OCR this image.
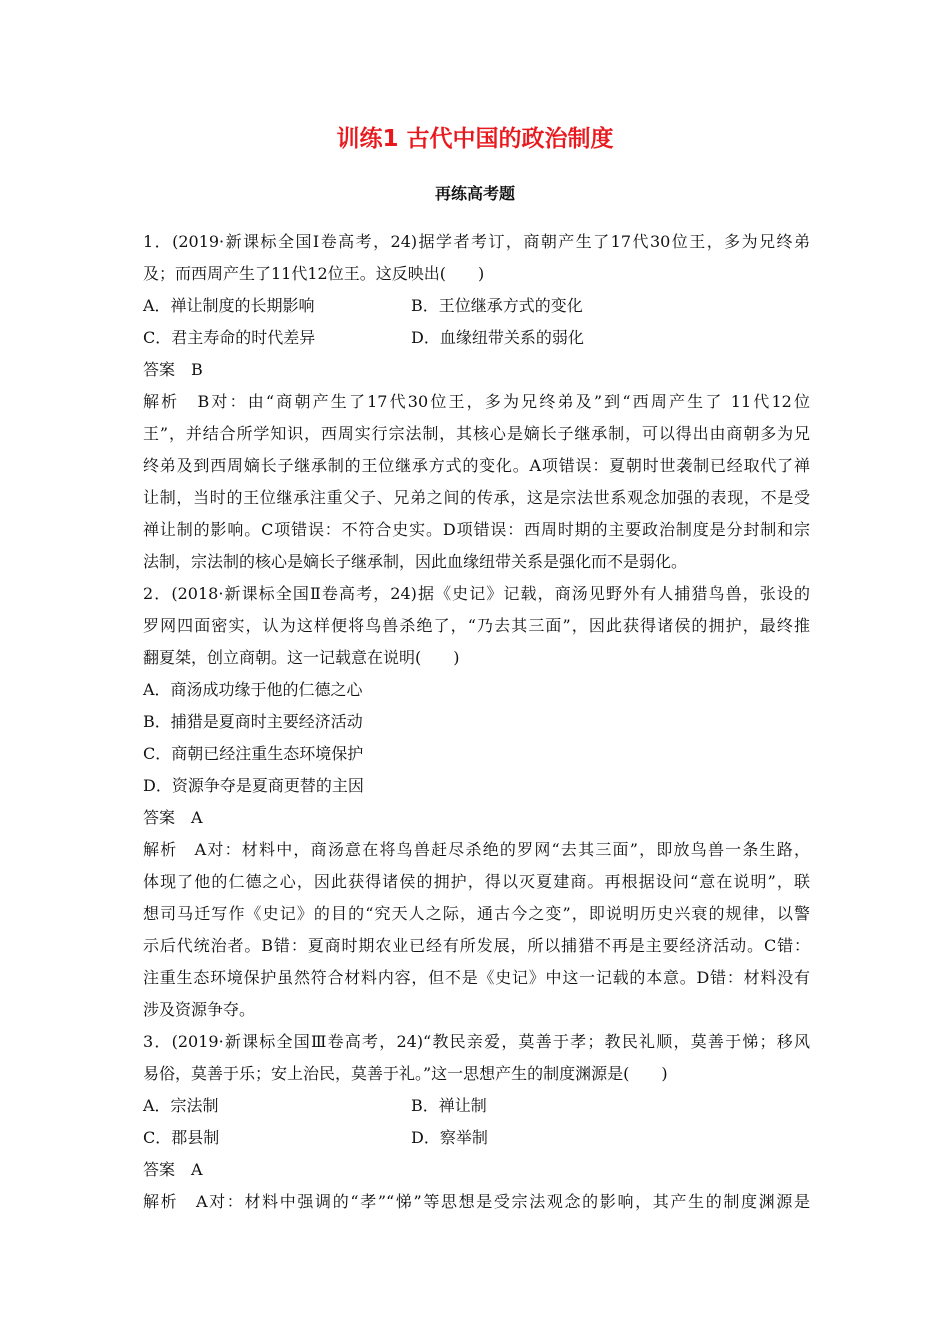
训练1 古代中国的政治制度
再练高考题
1．(2019·新课标全国Ⅰ卷高考，24)据学者考订，商朝产生了17代30位王，多为兄终弟
及；而西周产生了11代12位王。这反映出(　　)
A．禅让制度的长期影响	B．王位继承方式的变化
C．君主寿命的时代差异	D．血缘纽带关系的弱化
答案　B
解析　B对：由“商朝产生了17代30位王，多为兄终弟及”到“西周产生了 11代12位
王”，并结合所学知识，西周实行宗法制，其核心是嫡长子继承制，可以得出由商朝多为兄
终弟及到西周嫡长子继承制的王位继承方式的变化。A项错误：夏朝时世袭制已经取代了禅
让制，当时的王位继承注重父子、兄弟之间的传承，这是宗法世系观念加强的表现，不是受
禅让制的影响。C项错误：不符合史实。D项错误：西周时期的主要政治制度是分封制和宗
法制，宗法制的核心是嫡长子继承制，因此血缘纽带关系是强化而不是弱化。
2．(2018·新课标全国Ⅱ卷高考，24)据《史记》记载，商汤见野外有人捕猎鸟兽，张设的
罗网四面密实，认为这样便将鸟兽杀绝了，“乃去其三面”，因此获得诸侯的拥护，最终推
翻夏桀，创立商朝。这一记载意在说明(　　)
A．商汤成功缘于他的仁德之心
B．捕猎是夏商时主要经济活动
C．商朝已经注重生态环境保护
D．资源争夺是夏商更替的主因
答案　A
解析　A对：材料中，商汤意在将鸟兽赶尽杀绝的罗网“去其三面”，即放鸟兽一条生路，
体现了他的仁德之心，因此获得诸侯的拥护，得以灭夏建商。再根据设问“意在说明”，联
想司马迁写作《史记》的目的“究天人之际，通古今之变”，即说明历史兴衰的规律，以警
示后代统治者。B错：夏商时期农业已经有所发展，所以捕猎不再是主要经济活动。C错：
注重生态环境保护虽然符合材料内容，但不是《史记》中这一记载的本意。D错：材料没有
涉及资源争夺。
3．(2019·新课标全国Ⅲ卷高考，24)“教民亲爱，莫善于孝；教民礼顺，莫善于悌；移风
易俗，莫善于乐；安上治民，莫善于礼。”这一思想产生的制度渊源是(　　)
A．宗法制	B．禅让制
C．郡县制	D．察举制
答案　A
解析　A对：材料中强调的“孝”“悌”等思想是受宗法观念的影响，其产生的制度渊源是
